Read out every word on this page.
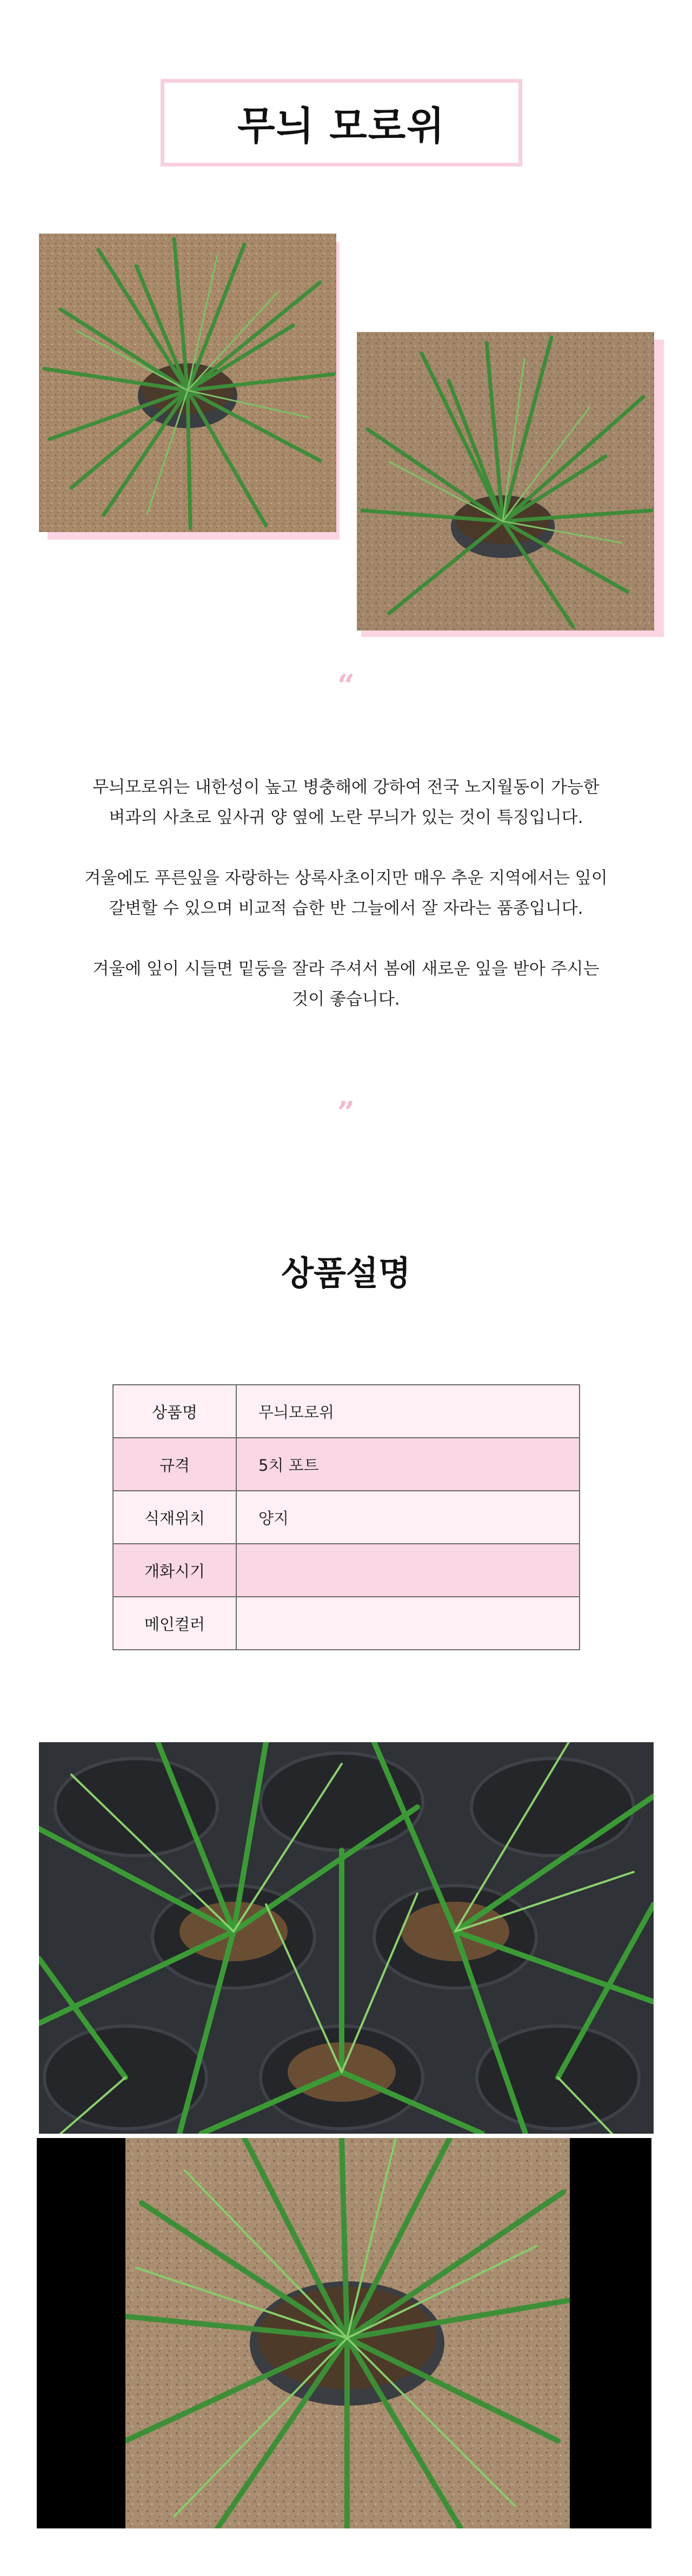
무늬 모로위
“
무늬모로위는 내한성이 높고 병충해에 강하여 전국 노지월동이 가능한
벼과의 사초로 잎사귀 양 옆에 노란 무늬가 있는 것이 특징입니다.
겨울에도 푸른잎을 자랑하는 상록사초이지만 매우 추운 지역에서는 잎이
갈변할 수 있으며 비교적 습한 반 그늘에서 잘 자라는 품종입니다.
겨울에 잎이 시들면 밑둥을 잘라 주셔서 봄에 새로운 잎을 받아 주시는
것이 좋습니다.
”
상품설명
상품명	무늬모로위
규격	5치 포트
식재위치	양지
개화시기	
메인컬러	
